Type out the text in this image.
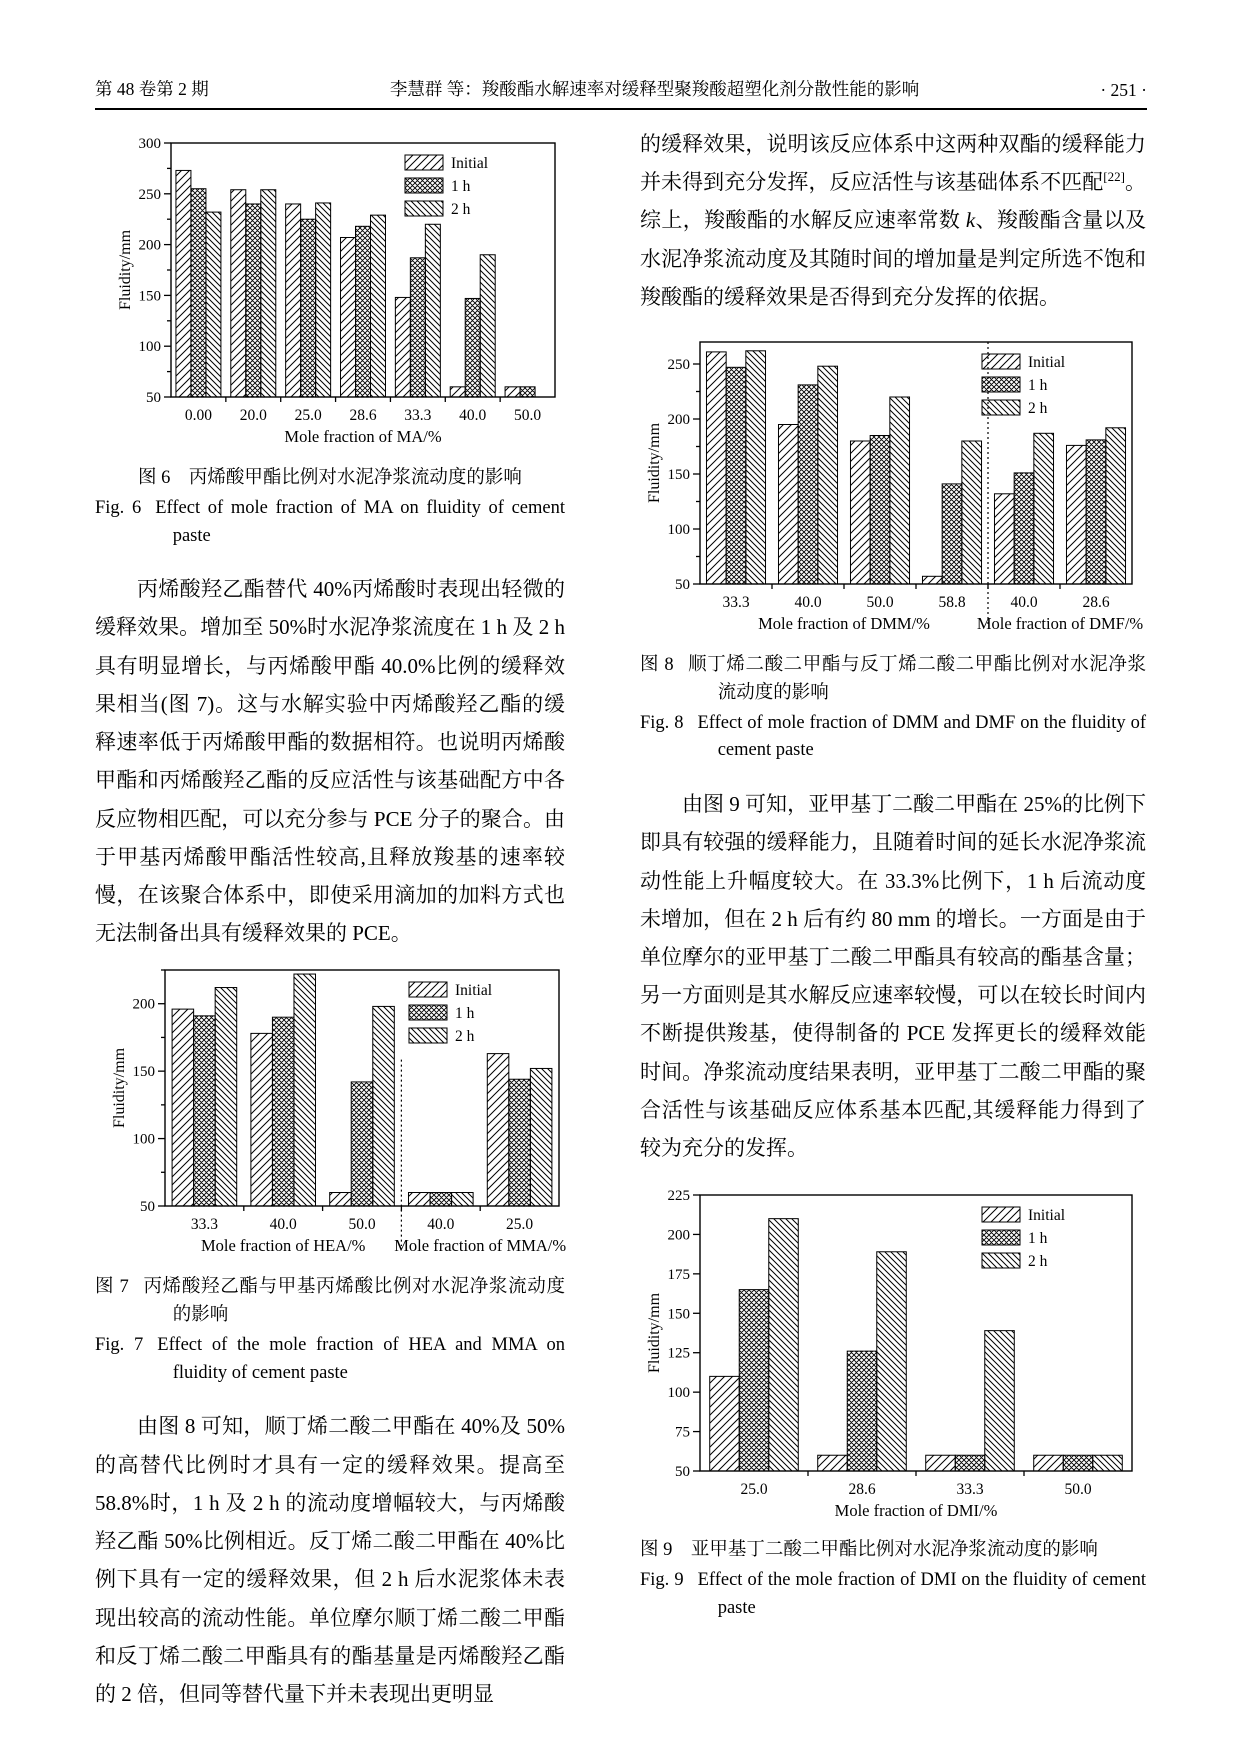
第 48 卷第 2 期	李慧群 等：羧酸酯水解速率对缓释型聚羧酸超塑化剂分散性能的影响	· 251 ·
50
100
150
200
250
300
Fluidity/mm
0.00 20.0 25.0 28.6 33.3 40.0 50.0
Mole fraction of MA/%
Initial
1 h
2 h
图 6　丙烯酸甲酯比例对水泥净浆流动度的影响
Fig. 6 Effect of mole fraction of MA on fluidity of cement paste
丙烯酸羟乙酯替代 40%丙烯酸时表现出轻微的缓释效果。增加至 50%时水泥净浆流度在 1 h 及 2 h 具有明显增长，与丙烯酸甲酯 40.0%比例的缓释效果相当(图 7)。这与水解实验中丙烯酸羟乙酯的缓释速率低于丙烯酸甲酯的数据相符。也说明丙烯酸甲酯和丙烯酸羟乙酯的反应活性与该基础配方中各反应物相匹配，可以充分参与 PCE 分子的聚合。由于甲基丙烯酸甲酯活性较高,且释放羧基的速率较慢，在该聚合体系中，即使采用滴加的加料方式也无法制备出具有缓释效果的 PCE。
50
100
150
200
Fluidity/mm
33.3	40.0	50.0	40.0	25.0
Mole fraction of HEA/% Mole fraction of MMA/%
Initial
1 h
2 h
图 7 丙烯酸羟乙酯与甲基丙烯酸比例对水泥净浆流动度的影响
Fig. 7 Effect of the mole fraction of HEA and MMA on fluidity of cement paste
由图 8 可知，顺丁烯二酸二甲酯在 40%及 50%的高替代比例时才具有一定的缓释效果。提高至 58.8%时，1 h 及 2 h 的流动度增幅较大，与丙烯酸羟乙酯 50%比例相近。反丁烯二酸二甲酯在 40%比例下具有一定的缓释效果，但 2 h 后水泥浆体未表现出较高的流动性能。单位摩尔顺丁烯二酸二甲酯和反丁烯二酸二甲酯具有的酯基量是丙烯酸羟乙酯的 2 倍，但同等替代量下并未表现出更明显
的缓释效果，说明该反应体系中这两种双酯的缓释能力并未得到充分发挥，反应活性与该基础体系不匹配[22]。综上，羧酸酯的水解反应速率常数 k、羧酸酯含量以及水泥净浆流动度及其随时间的增加量是判定所选不饱和羧酸酯的缓释效果是否得到充分发挥的依据。
50
100
150
200
250
Fluidity/mm
33.3	40.0	50.0	58.8	40.0	28.6
Mole fraction of DMM/%	Mole fraction of DMF/%
Initial
1 h
2 h
图 8 顺丁烯二酸二甲酯与反丁烯二酸二甲酯比例对水泥净浆流动度的影响
Fig. 8 Effect of mole fraction of DMM and DMF on the fluidity of cement paste
由图 9 可知，亚甲基丁二酸二甲酯在 25%的比例下即具有较强的缓释能力，且随着时间的延长水泥净浆流动性能上升幅度较大。在 33.3%比例下，1 h 后流动度未增加，但在 2 h 后有约 80 mm 的增长。一方面是由于单位摩尔的亚甲基丁二酸二甲酯具有较高的酯基含量；另一方面则是其水解反应速率较慢，可以在较长时间内不断提供羧基，使得制备的 PCE 发挥更长的缓释效能时间。净浆流动度结果表明，亚甲基丁二酸二甲酯的聚合活性与该基础反应体系基本匹配,其缓释能力得到了较为充分的发挥。
50
75
100
125
150
175
200
225
Fluidity/mm
25.0	28.6	33.3	50.0
Mole fraction of DMI/%
Initial
1 h
2 h
图 9　亚甲基丁二酸二甲酯比例对水泥净浆流动度的影响
Fig. 9 Effect of the mole fraction of DMI on the fluidity of cement paste
